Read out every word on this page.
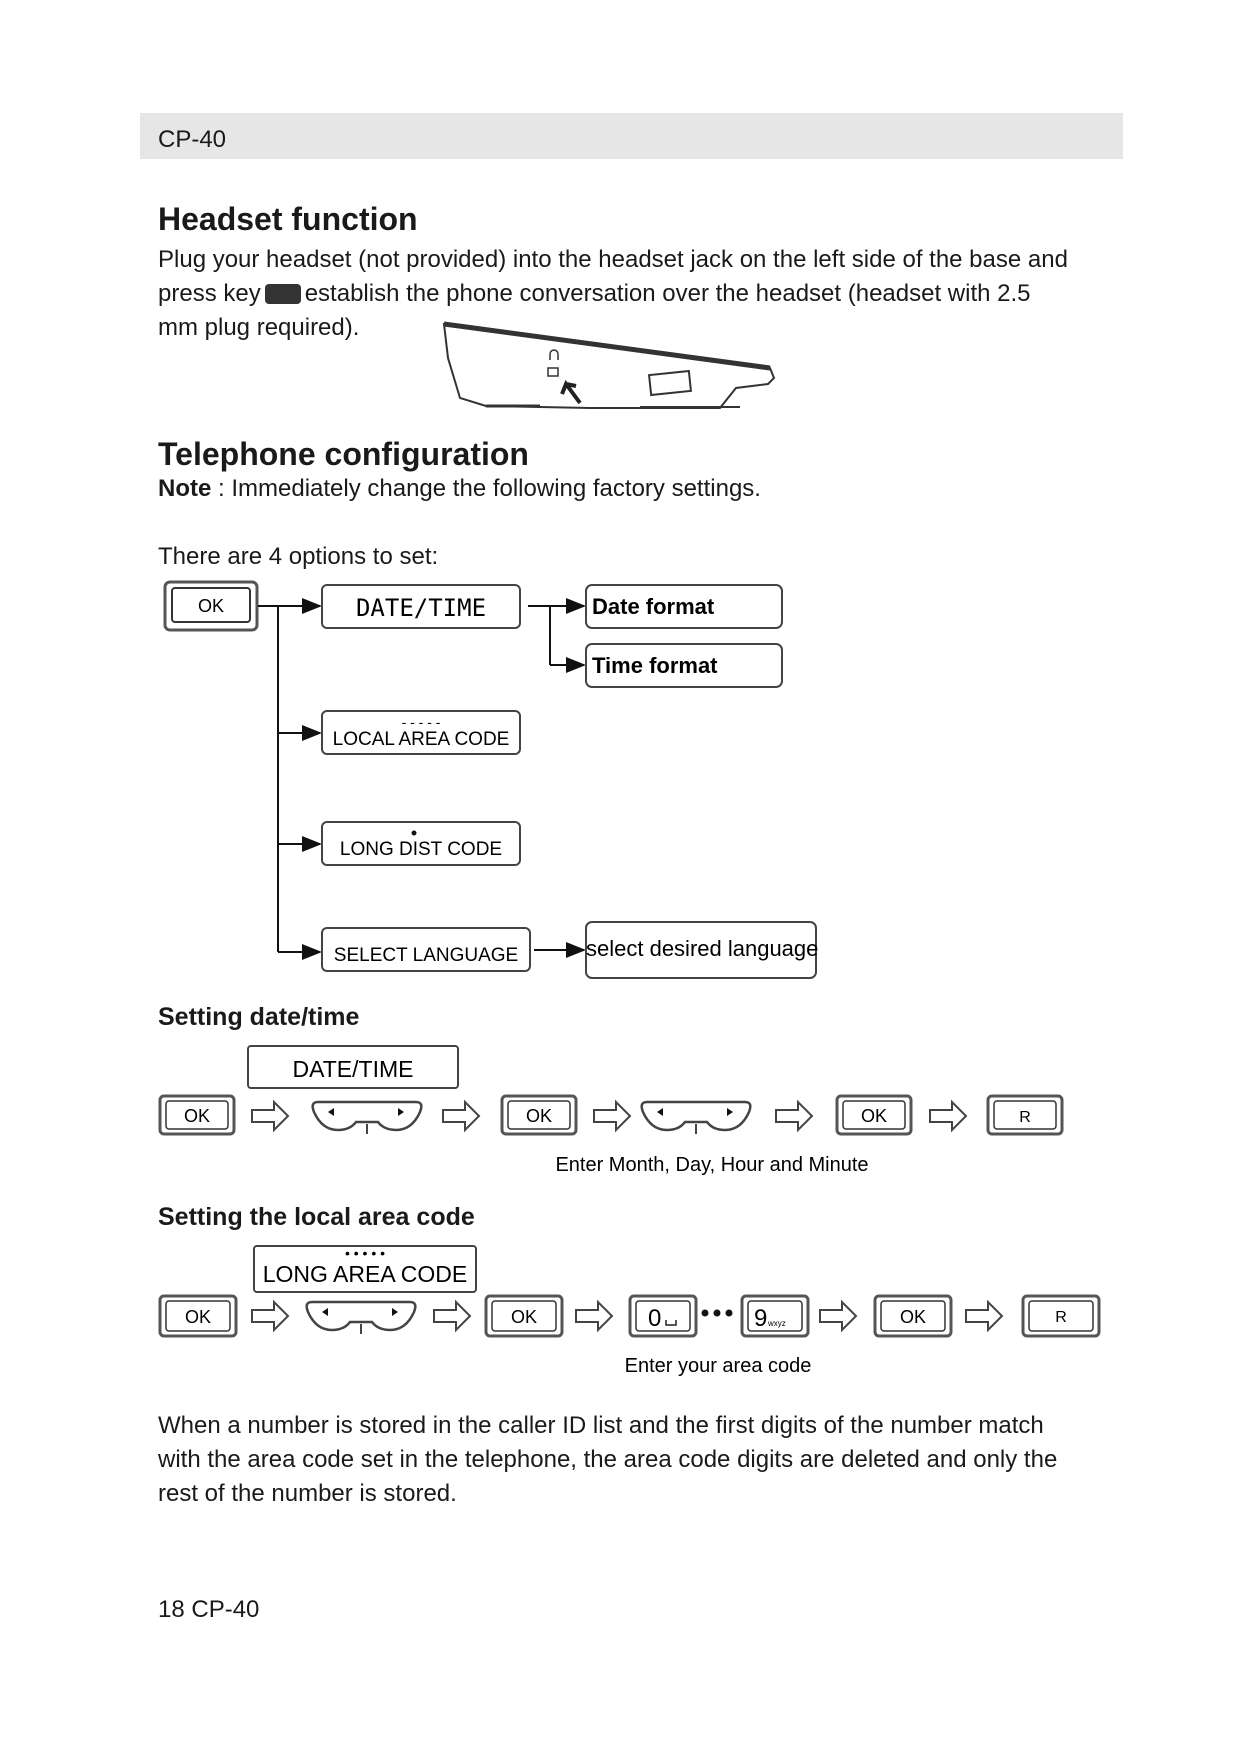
CP-40
Headset function
Plug your headset (not provided) into the headset jack on the left side of the base and
press key establish the phone conversation over the headset (headset with 2.5
mm plug required).
Telephone configuration
Note : Immediately change the following factory settings.
There are 4 options to set:
OK	DATE/TIME
LOCAL AREA CODE
- - - - -
LONG DIST CODE
SELECT LANGUAGE
Date format
Time format
select desired language
Setting date/time
DATE/TIME
OK	OK	OK	R
Enter Month, Day, Hour and Minute
Setting the local area code
• • • • •
LONG AREA CODE
OK	OK	0	9 wxyz	OK	R
Enter your area code
When a number is stored in the caller ID list and the first digits of the number match
with the area code set in the telephone, the area code digits are deleted and only the
rest of the number is stored.
18 CP-40
